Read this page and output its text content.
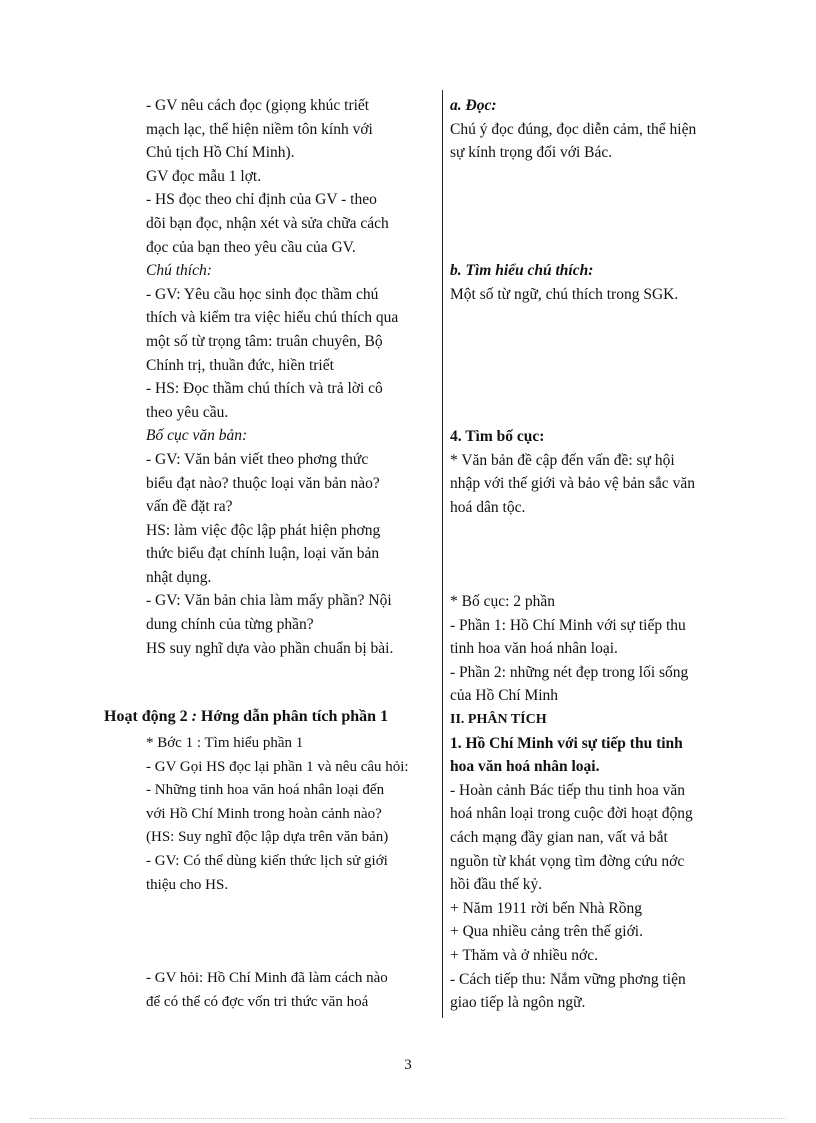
- GV nêu cách đọc (giọng khúc triết
mạch lạc, thể hiện niềm tôn kính với
Chủ tịch Hồ Chí Minh).
GV đọc mẫu 1 lợt.
- HS đọc theo chỉ định của GV - theo
dõi bạn đọc, nhận xét và sửa chữa cách
đọc của bạn theo yêu cầu của GV.
Chú thích:
- GV: Yêu cầu học sinh đọc thầm chú
thích và kiểm tra việc hiểu chú thích qua
một số từ trọng tâm: truân chuyên, Bộ
Chính trị, thuần đức, hiền triết
- HS: Đọc thầm chú thích và trả lời cô
theo yêu cầu.
Bố cục văn bản:
- GV: Văn bản viết theo phơng thức
biểu đạt nào? thuộc loại văn bản nào?
vấn đề đặt ra?
HS: làm việc độc lập phát hiện phơng
thức biểu đạt chính luận, loại văn bản
nhật dụng.
- GV: Văn bản chia làm mấy phần? Nội
dung chính của từng phần?
HS suy nghĩ dựa vào phần chuẩn bị bài.
a. Đọc:
Chú ý đọc đúng, đọc diễn cảm, thể hiện
sự kính trọng đối với Bác.
b. Tìm hiểu chú thích:
Một số từ ngữ, chú thích trong SGK.
4. Tìm bố cục:
* Văn bản đề cập đến vấn đề: sự hội
nhập với thế giới và bảo vệ bản sắc văn
hoá dân tộc.
* Bố cục: 2 phần
- Phần 1: Hồ Chí Minh với sự tiếp thu
tinh hoa văn hoá nhân loại.
- Phần 2: những nét đẹp trong lối sống
của Hồ Chí Minh
Hoạt động 2 : Hớng dẫn phân tích phần 1
* Bớc 1 : Tìm hiểu phần 1
- GV Gọi HS đọc lại phần 1 và nêu câu hỏi:
- Những tinh hoa văn hoá nhân loại đến
với Hồ Chí Minh trong hoàn cảnh nào?
(HS: Suy nghĩ độc lập dựa trên văn bản)
- GV: Có thể dùng kiến thức lịch sử giới
thiệu cho HS.
- GV hỏi: Hồ Chí Minh đã làm cách nào
để có thể có đợc vốn tri thức văn hoá
II. PHÂN TÍCH
1. Hồ Chí Minh với sự tiếp thu tinh
hoa văn hoá nhân loại.
- Hoàn cảnh Bác tiếp thu tinh hoa văn
hoá nhân loại trong cuộc đời hoạt động
cách mạng đầy gian nan, vất vả bắt
nguồn từ khát vọng tìm đờng cứu nớc
hồi đầu thế kỷ.
+ Năm 1911 rời bến Nhà Rồng
+ Qua nhiều cảng trên thế giới.
+ Thăm và ở nhiều nớc.
- Cách tiếp thu: Nắm vững phơng tiện
giao tiếp là ngôn ngữ.
3
